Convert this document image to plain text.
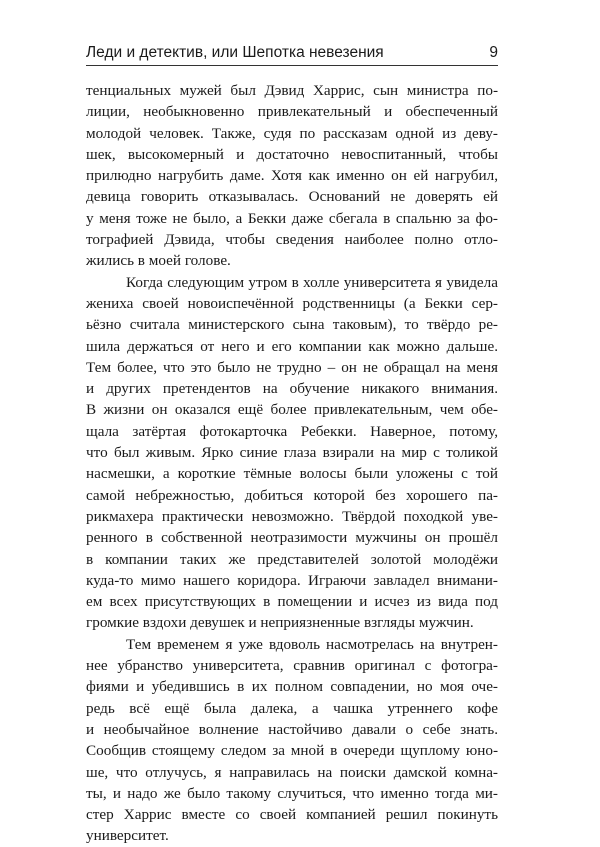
Леди и детектив, или Шепотка невезения	9
тенциальных мужей был Дэвид Харрис, сын министра по-
лиции, необыкновенно привлекательный и обеспеченный
молодой человек. Также, судя по рассказам одной из деву-
шек, высокомерный и достаточно невоспитанный, чтобы
прилюдно нагрубить даме. Хотя как именно он ей нагрубил,
девица говорить отказывалась. Оснований не доверять ей
у меня тоже не было, а Бекки даже сбегала в спальню за фо-
тографией Дэвида, чтобы сведения наиболее полно отло-
жились в моей голове.
Когда следующим утром в холле университета я увидела
жениха своей новоиспечённой родственницы (а Бекки сер-
ьёзно считала министерского сына таковым), то твёрдо ре-
шила держаться от него и его компании как можно дальше.
Тем более, что это было не трудно – он не обращал на меня
и других претендентов на обучение никакого внимания.
В жизни он оказался ещё более привлекательным, чем обе-
щала затёртая фотокарточка Ребекки. Наверное, потому,
что был живым. Ярко синие глаза взирали на мир с толикой
насмешки, а короткие тёмные волосы были уложены с той
самой небрежностью, добиться которой без хорошего па-
рикмахера практически невозможно. Твёрдой походкой уве-
ренного в собственной неотразимости мужчины он прошёл
в компании таких же представителей золотой молодёжи
куда-то мимо нашего коридора. Играючи завладел внимани-
ем всех присутствующих в помещении и исчез из вида под
громкие вздохи девушек и неприязненные взгляды мужчин.
Тем временем я уже вдоволь насмотрелась на внутрен-
нее убранство университета, сравнив оригинал с фотогра-
фиями и убедившись в их полном совпадении, но моя оче-
редь всё ещё была далека, а чашка утреннего кофе
и необычайное волнение настойчиво давали о себе знать.
Сообщив стоящему следом за мной в очереди щуплому юно-
ше, что отлучусь, я направилась на поиски дамской комна-
ты, и надо же было такому случиться, что именно тогда ми-
стер Харрис вместе со своей компанией решил покинуть
университет.
